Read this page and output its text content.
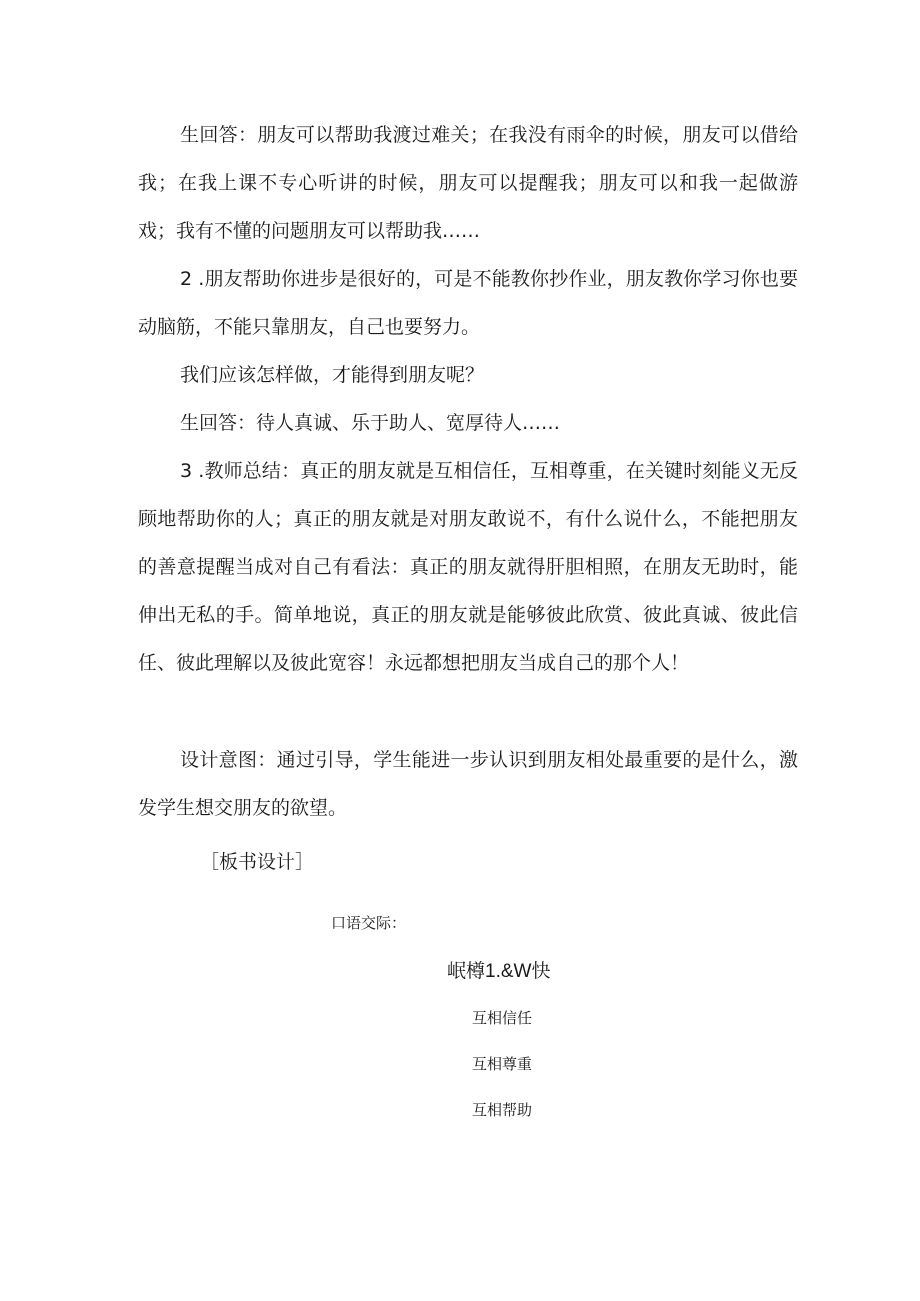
生回答：朋友可以帮助我渡过难关；在我没有雨伞的时候，朋友可以借给我；在我上课不专心听讲的时候，朋友可以提醒我；朋友可以和我一起做游戏；我有不懂的问题朋友可以帮助我……

2 .朋友帮助你进步是很好的，可是不能教你抄作业，朋友教你学习你也要动脑筋，不能只靠朋友，自己也要努力。

我们应该怎样做，才能得到朋友呢？

生回答：待人真诚、乐于助人、宽厚待人……

3 .教师总结：真正的朋友就是互相信任，互相尊重，在关键时刻能义无反顾地帮助你的人；真正的朋友就是对朋友敢说不，有什么说什么，不能把朋友的善意提醒当成对自己有看法：真正的朋友就得肝胆相照，在朋友无助时，能伸出无私的手。简单地说，真正的朋友就是能够彼此欣赏、彼此真诚、彼此信任、彼此理解以及彼此宽容！永远都想把朋友当成自己的那个人！

设计意图：通过引导，学生能进一步认识到朋友相处最重要的是什么，激发学生想交朋友的欲望。

［板书设计］

口语交际：

岷樽1.&W快

互相信任

互相尊重

互相帮助
